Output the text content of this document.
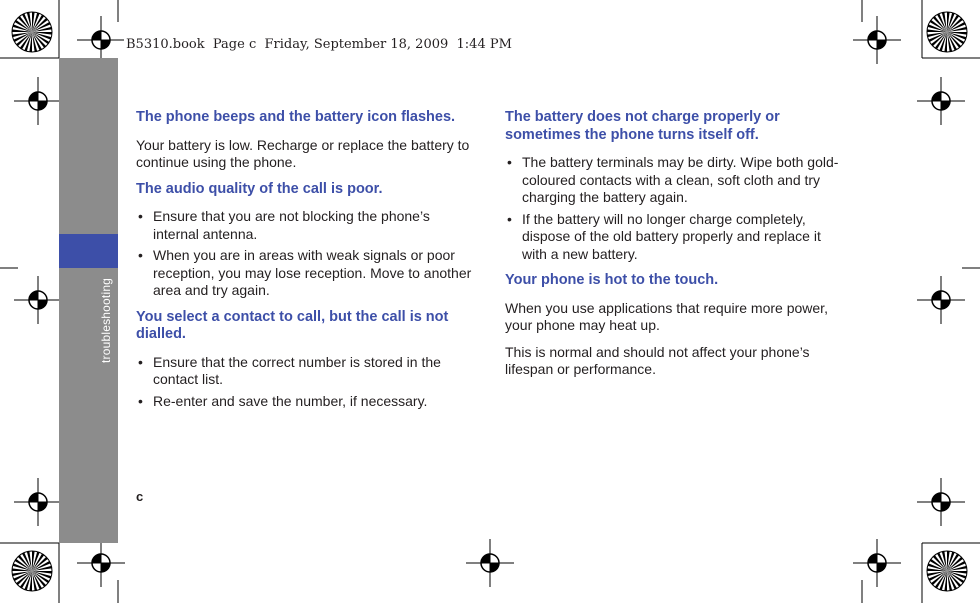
troubleshooting
B5310.book  Page c  Friday, September 18, 2009  1:44 PM
The phone beeps and the battery icon flashes.

Your battery is low. Recharge or replace the battery to continue using the phone.

The audio quality of the call is poor.
• Ensure that you are not blocking the phone’s internal antenna.
• When you are in areas with weak signals or poor reception, you may lose reception. Move to another area and try again.
You select a contact to call, but the call is not dialled.
• Ensure that the correct number is stored in the contact list.
• Re-enter and save the number, if necessary.
The battery does not charge properly or sometimes the phone turns itself off.
• The battery terminals may be dirty. Wipe both gold-coloured contacts with a clean, soft cloth and try charging the battery again.
• If the battery will no longer charge completely, dispose of the old battery properly and replace it with a new battery.
Your phone is hot to the touch.

When you use applications that require more power, your phone may heat up.

This is normal and should not affect your phone’s lifespan or performance.

c
